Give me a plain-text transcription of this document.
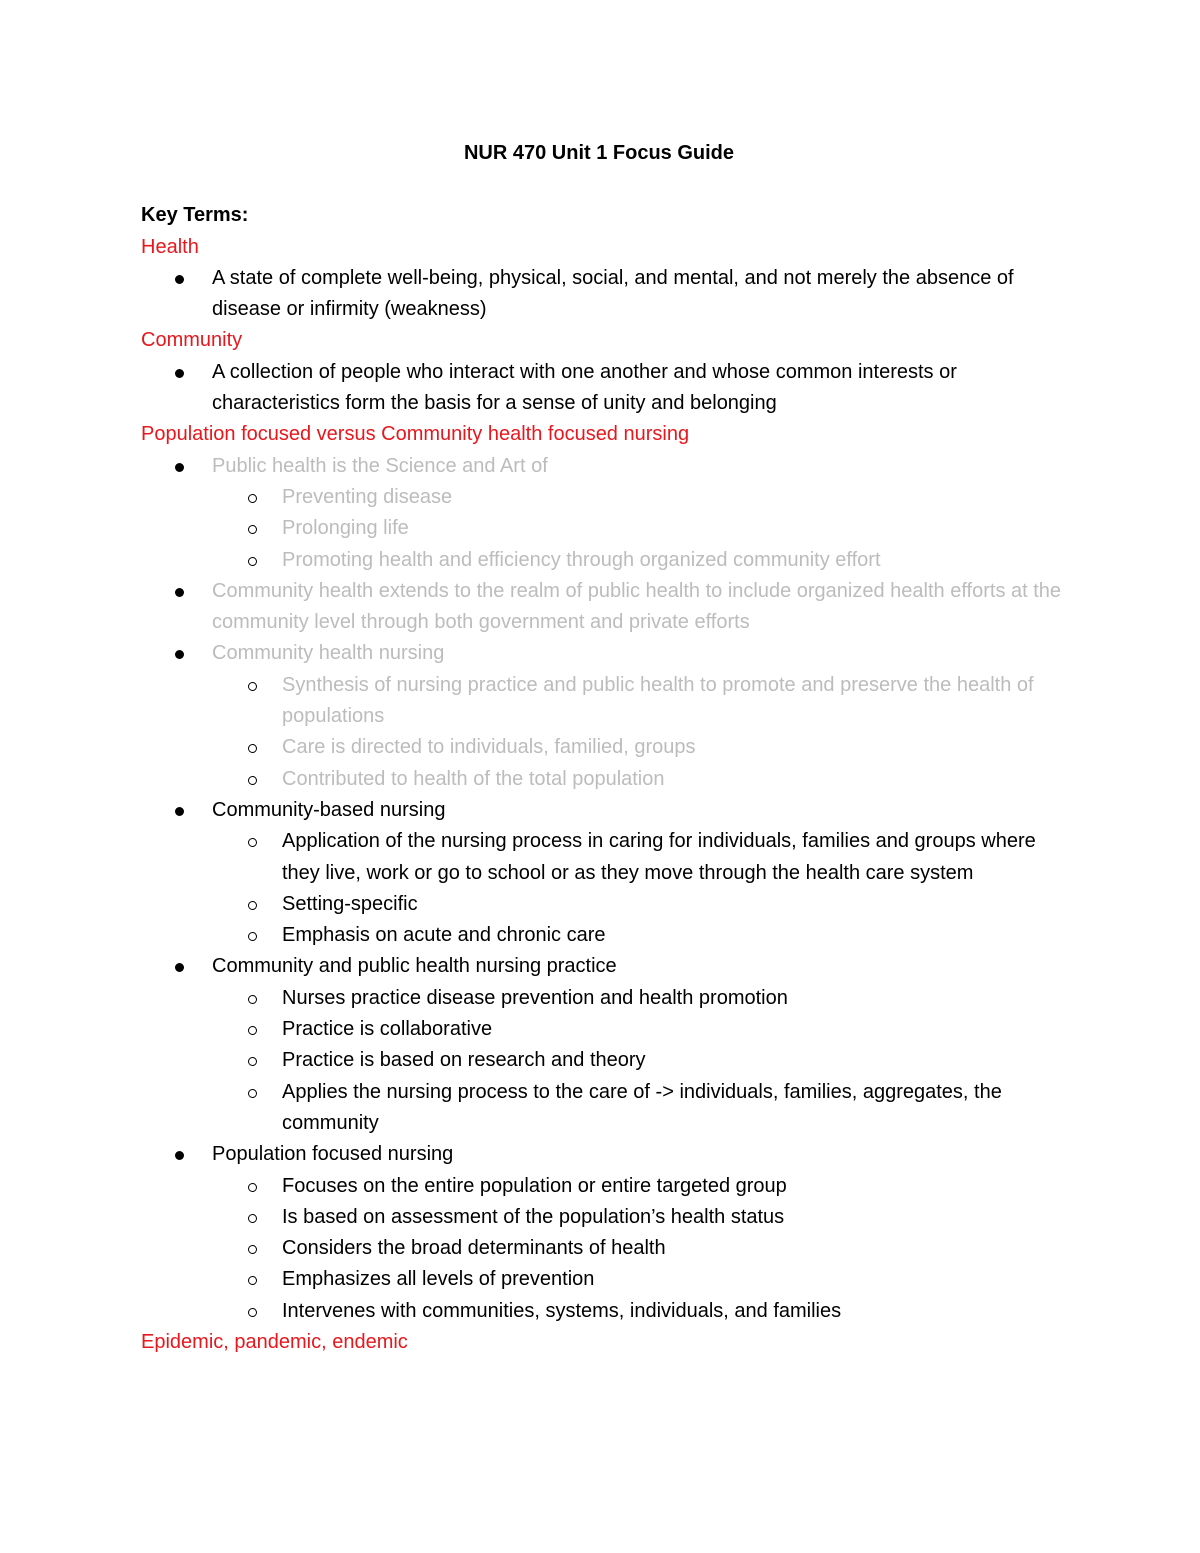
NUR 470 Unit 1 Focus Guide
Key Terms:
Health
A state of complete well-being, physical, social, and mental, and not merely the absence of disease or infirmity (weakness)
Community
A collection of people who interact with one another and whose common interests or characteristics form the basis for a sense of unity and belonging
Population focused versus Community health focused nursing
Public health is the Science and Art of
Preventing disease
Prolonging life
Promoting health and efficiency through organized community effort
Community health extends to the realm of public health to include organized health efforts at the community level through both government and private efforts
Community health nursing
Synthesis of nursing practice and public health to promote and preserve the health of populations
Care is directed to individuals, familied, groups
Contributed to health of the total population
Community-based nursing
Application of the nursing process in caring for individuals, families and groups where they live, work or go to school or as they move through the health care system
Setting-specific
Emphasis on acute and chronic care
Community and public health nursing practice
Nurses practice disease prevention and health promotion
Practice is collaborative
Practice is based on research and theory
Applies the nursing process to the care of -> individuals, families, aggregates, the community
Population focused nursing
Focuses on the entire population or entire targeted group
Is based on assessment of the population’s health status
Considers the broad determinants of health
Emphasizes all levels of prevention
Intervenes with communities, systems, individuals, and families
Epidemic, pandemic, endemic
